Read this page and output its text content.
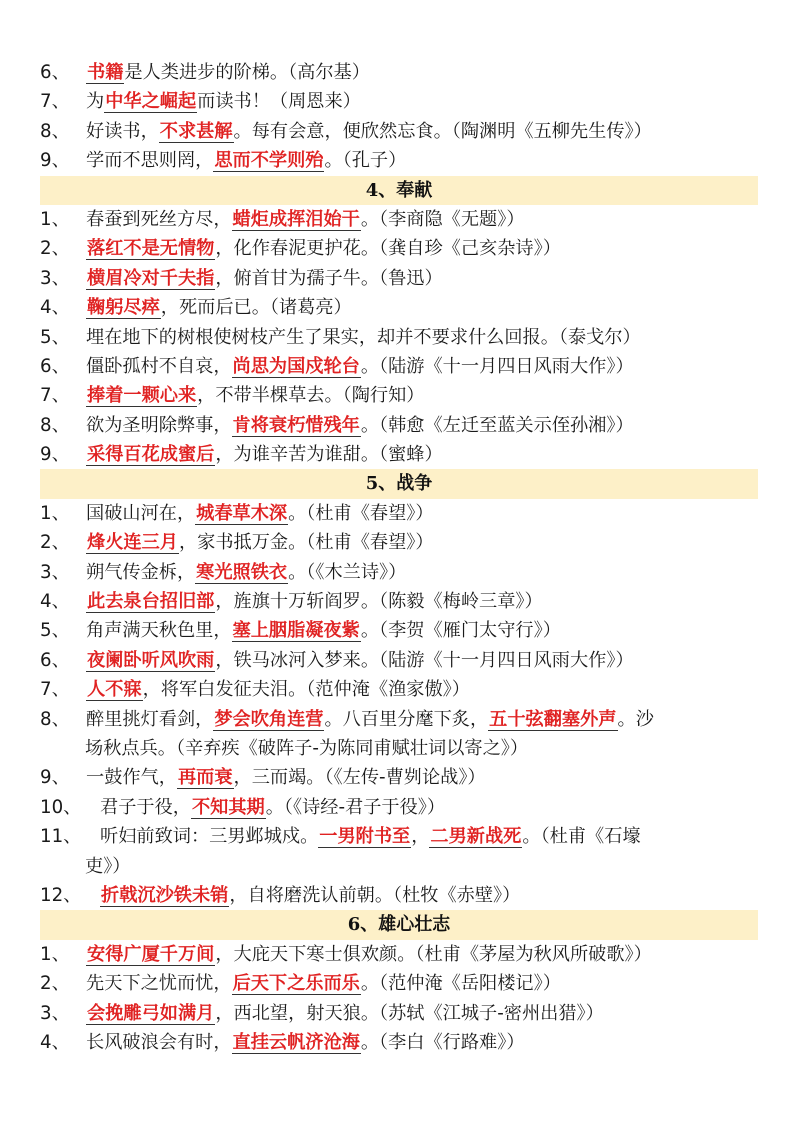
6、 书籍是人类进步的阶梯。（高尔基）
7、 为中华之崛起而读书！（周恩来）
8、 好读书，不求甚解。每有会意，便欣然忘食。（陶渊明《五柳先生传》）
9、 学而不思则罔，思而不学则殆。（孔子）
4、奉献
1、 春蚕到死丝方尽，蜡炬成挥泪始干。（李商隐《无题》）
2、 落红不是无情物，化作春泥更护花。（龚自珍《己亥杂诗》）
3、 横眉冷对千夫指，俯首甘为孺子牛。（鲁迅）
4、 鞠躬尽瘁，死而后已。（诸葛亮）
5、 埋在地下的树根使树枝产生了果实，却并不要求什么回报。（泰戈尔）
6、 僵卧孤村不自哀，尚思为国戍轮台。（陆游《十一月四日风雨大作》）
7、 捧着一颗心来，不带半棵草去。（陶行知）
8、 欲为圣明除弊事，肯将衰朽惜残年。（韩愈《左迁至蓝关示侄孙湘》）
9、 采得百花成蜜后，为谁辛苦为谁甜。（蜜蜂）
5、战争
1、 国破山河在，城春草木深。（杜甫《春望》）
2、 烽火连三月，家书抵万金。（杜甫《春望》）
3、 朔气传金柝，寒光照铁衣。（《木兰诗》）
4、 此去泉台招旧部，旌旗十万斩阎罗。（陈毅《梅岭三章》）
5、 角声满天秋色里，塞上胭脂凝夜紫。（李贺《雁门太守行》）
6、 夜阑卧听风吹雨，铁马冰河入梦来。（陆游《十一月四日风雨大作》）
7、 人不寐，将军白发征夫泪。（范仲淹《渔家傲》）
8、 醉里挑灯看剑，梦会吹角连营。八百里分麾下炙，五十弦翻塞外声。沙
场秋点兵。（辛弃疾《破阵子-为陈同甫赋壮词以寄之》）
9、 一鼓作气，再而衰，三而竭。（《左传-曹刿论战》）
10、 君子于役，不知其期。（《诗经-君子于役》）
11、 听妇前致词：三男邺城戍。一男附书至，二男新战死。（杜甫《石壕
吏》）
12、 折戟沉沙铁未销，自将磨洗认前朝。（杜牧《赤壁》）
6、雄心壮志
1、 安得广厦千万间，大庇天下寒士俱欢颜。（杜甫《茅屋为秋风所破歌》）
2、 先天下之忧而忧，后天下之乐而乐。（范仲淹《岳阳楼记》）
3、 会挽雕弓如满月，西北望，射天狼。（苏轼《江城子-密州出猎》）
4、 长风破浪会有时，直挂云帆济沧海。（李白《行路难》）
